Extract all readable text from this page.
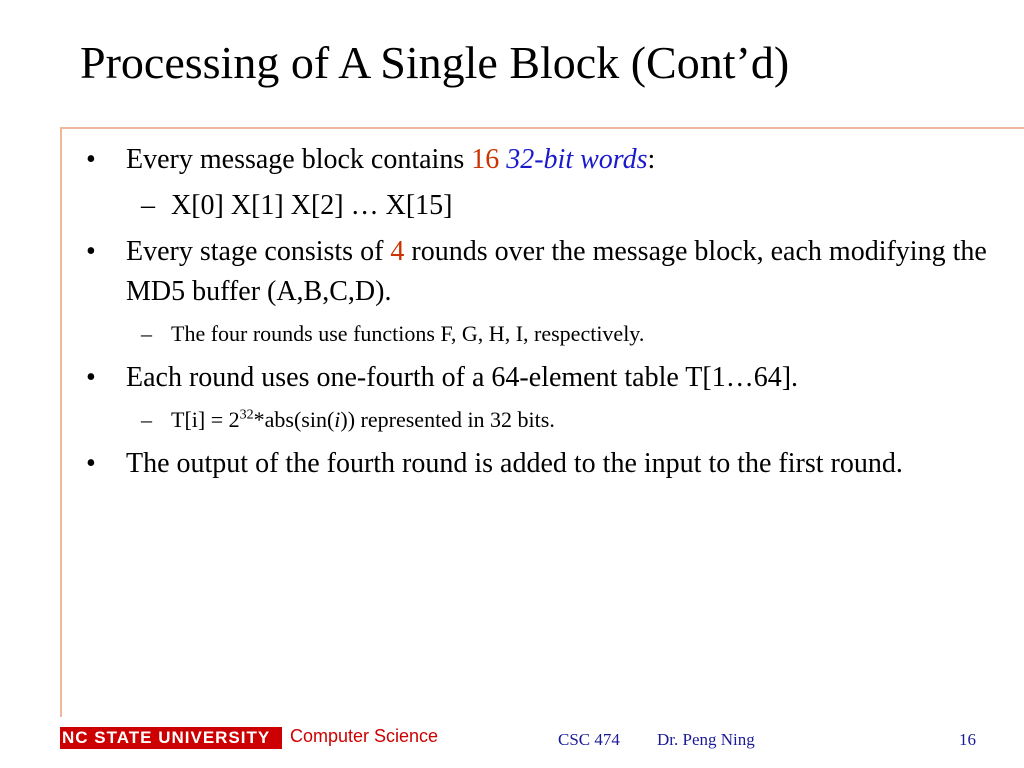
Processing of A Single Block (Cont’d)
• Every message block contains 16 32-bit words:
– X[0] X[1] X[2] … X[15]
• Every stage consists of 4 rounds over the message block, each modifying the MD5 buffer (A,B,C,D).
– The four rounds use functions F, G, H, I, respectively.
• Each round uses one-fourth of a 64-element table T[1…64].
– $T[i] = 2^{32}*abs(\sin(i))$ represented in 32 bits.
• The output of the fourth round is added to the input to the first round.
NC STATE UNIVERSITY	Computer Science	CSC 474 Dr. Peng Ning	16
